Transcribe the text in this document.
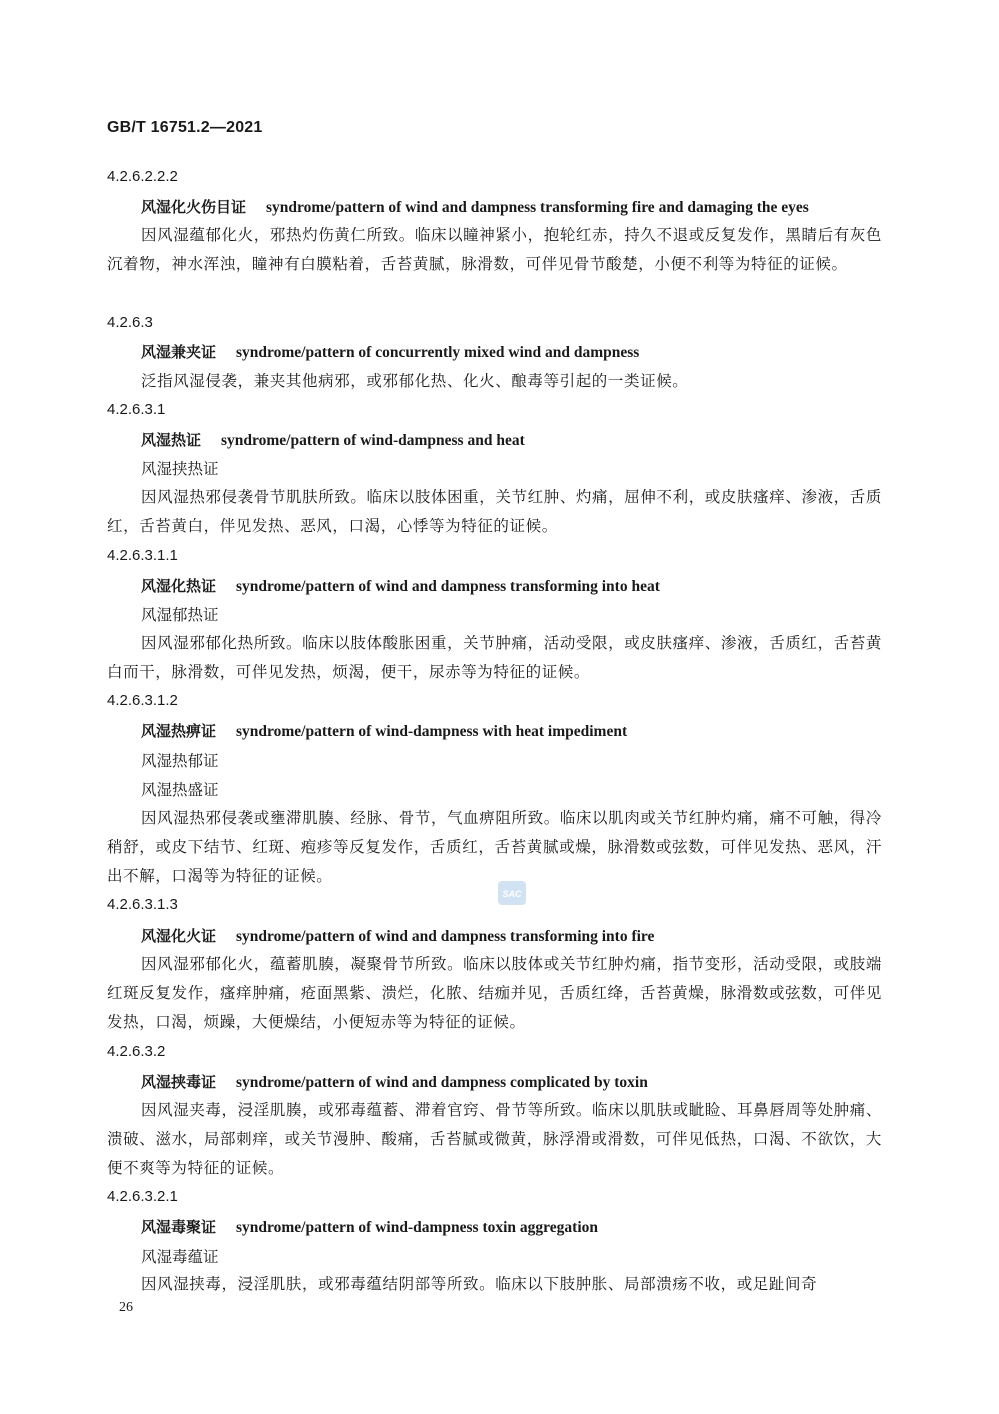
GB/T 16751.2—2021
4.2.6.2.2.2
风湿化火伤目证 syndrome/pattern of wind and dampness transforming fire and damaging the eyes
因风湿蕴郁化火，邪热灼伤黄仁所致。临床以瞳神紧小，抱轮红赤，持久不退或反复发作，黑睛后有灰色沉着物，神水浑浊，瞳神有白膜粘着，舌苔黄腻，脉滑数，可伴见骨节酸楚，小便不利等为特征的证候。
4.2.6.3
风湿兼夹证 syndrome/pattern of concurrently mixed wind and dampness
泛指风湿侵袭，兼夹其他病邪，或邪郁化热、化火、酿毒等引起的一类证候。
4.2.6.3.1
风湿热证 syndrome/pattern of wind-dampness and heat
风湿挟热证
因风湿热邪侵袭骨节肌肤所致。临床以肢体困重，关节红肿、灼痛，屈伸不利，或皮肤瘙痒、渗液，舌质红，舌苔黄白，伴见发热、恶风，口渴，心悸等为特征的证候。
4.2.6.3.1.1
风湿化热证 syndrome/pattern of wind and dampness transforming into heat
风湿郁热证
因风湿邪郁化热所致。临床以肢体酸胀困重，关节肿痛，活动受限，或皮肤瘙痒、渗液，舌质红，舌苔黄白而干，脉滑数，可伴见发热，烦渴，便干，尿赤等为特征的证候。
4.2.6.3.1.2
风湿热痹证 syndrome/pattern of wind-dampness with heat impediment
风湿热郁证
风湿热盛证
因风湿热邪侵袭或壅滞肌腠、经脉、骨节，气血痹阻所致。临床以肌肉或关节红肿灼痛，痛不可触，得冷稍舒，或皮下结节、红斑、疱疹等反复发作，舌质红，舌苔黄腻或燥，脉滑数或弦数，可伴见发热、恶风，汗出不解，口渴等为特征的证候。
4.2.6.3.1.3
风湿化火证 syndrome/pattern of wind and dampness transforming into fire
因风湿邪郁化火，蕴蓄肌腠，凝聚骨节所致。临床以肢体或关节红肿灼痛，指节变形，活动受限，或肢端红斑反复发作，瘙痒肿痛，疮面黑紫、溃烂，化脓、结痂并见，舌质红绛，舌苔黄燥，脉滑数或弦数，可伴见发热，口渴，烦躁，大便燥结，小便短赤等为特征的证候。
4.2.6.3.2
风湿挟毒证 syndrome/pattern of wind and dampness complicated by toxin
因风湿夹毒，浸淫肌腠，或邪毒蕴蓄、滞着官窍、骨节等所致。临床以肌肤或眦睑、耳鼻唇周等处肿痛、溃破、滋水，局部刺痒，或关节漫肿、酸痛，舌苔腻或微黄，脉浮滑或滑数，可伴见低热，口渴、不欲饮，大便不爽等为特征的证候。
4.2.6.3.2.1
风湿毒聚证 syndrome/pattern of wind-dampness toxin aggregation
风湿毒蕴证
因风湿挟毒，浸淫肌肤，或邪毒蕴结阴部等所致。临床以下肢肿胀、局部溃疡不收，或足趾间奇
SAC
26
